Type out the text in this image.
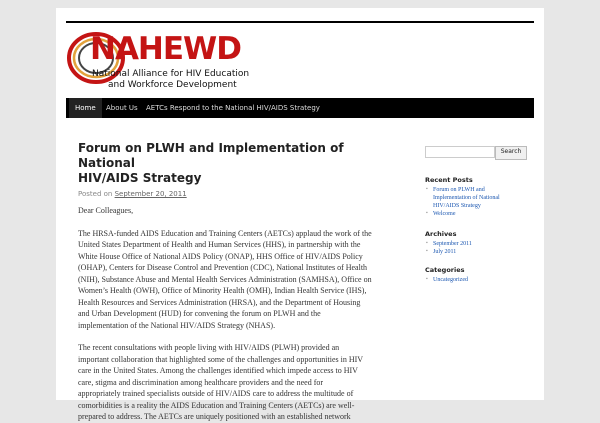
NAHEWD
National Alliance for HIV Education
and Workforce Development
Home	About Us	AETCs Respond to the National HIV/AIDS Strategy
Forum on PLWH and Implementation of National
HIV/AIDS Strategy
Posted on September 20, 2011

Dear Colleagues,

The HRSA-funded AIDS Education and Training Centers (AETCs) applaud the work of the
United States Department of Health and Human Services (HHS), in partnership with the
White House Office of National AIDS Policy (ONAP), HHS Office of HIV/AIDS Policy
(OHAP), Centers for Disease Control and Prevention (CDC), National Institutes of Health
(NIH), Substance Abuse and Mental Health Services Administration (SAMHSA), Office on
Women’s Health (OWH), Office of Minority Health (OMH), Indian Health Service (IHS),
Health Resources and Services Administration (HRSA), and the Department of Housing
and Urban Development (HUD) for convening the forum on PLWH and the
implementation of the National HIV/AIDS Strategy (NHAS).
The recent consultations with people living with HIV/AIDS (PLWH) provided an
important collaboration that highlighted some of the challenges and opportunities in HIV
care in the United States. Among the challenges identified which impede access to HIV
care, stigma and discrimination among healthcare providers and the need for
appropriately trained specialists outside of HIV/AIDS care to address the multitude of
comorbidities is a reality the AIDS Education and Training Centers (AETCs) are well-
prepared to address. The AETCs are uniquely positioned with an established network
Search
Recent Posts
▪ Forum on PLWH and
Implementation of National
HIV/AIDS Strategy
▪ Welcome
Archives
▪ September 2011
▪ July 2011
Categories
▪ Uncategorized
